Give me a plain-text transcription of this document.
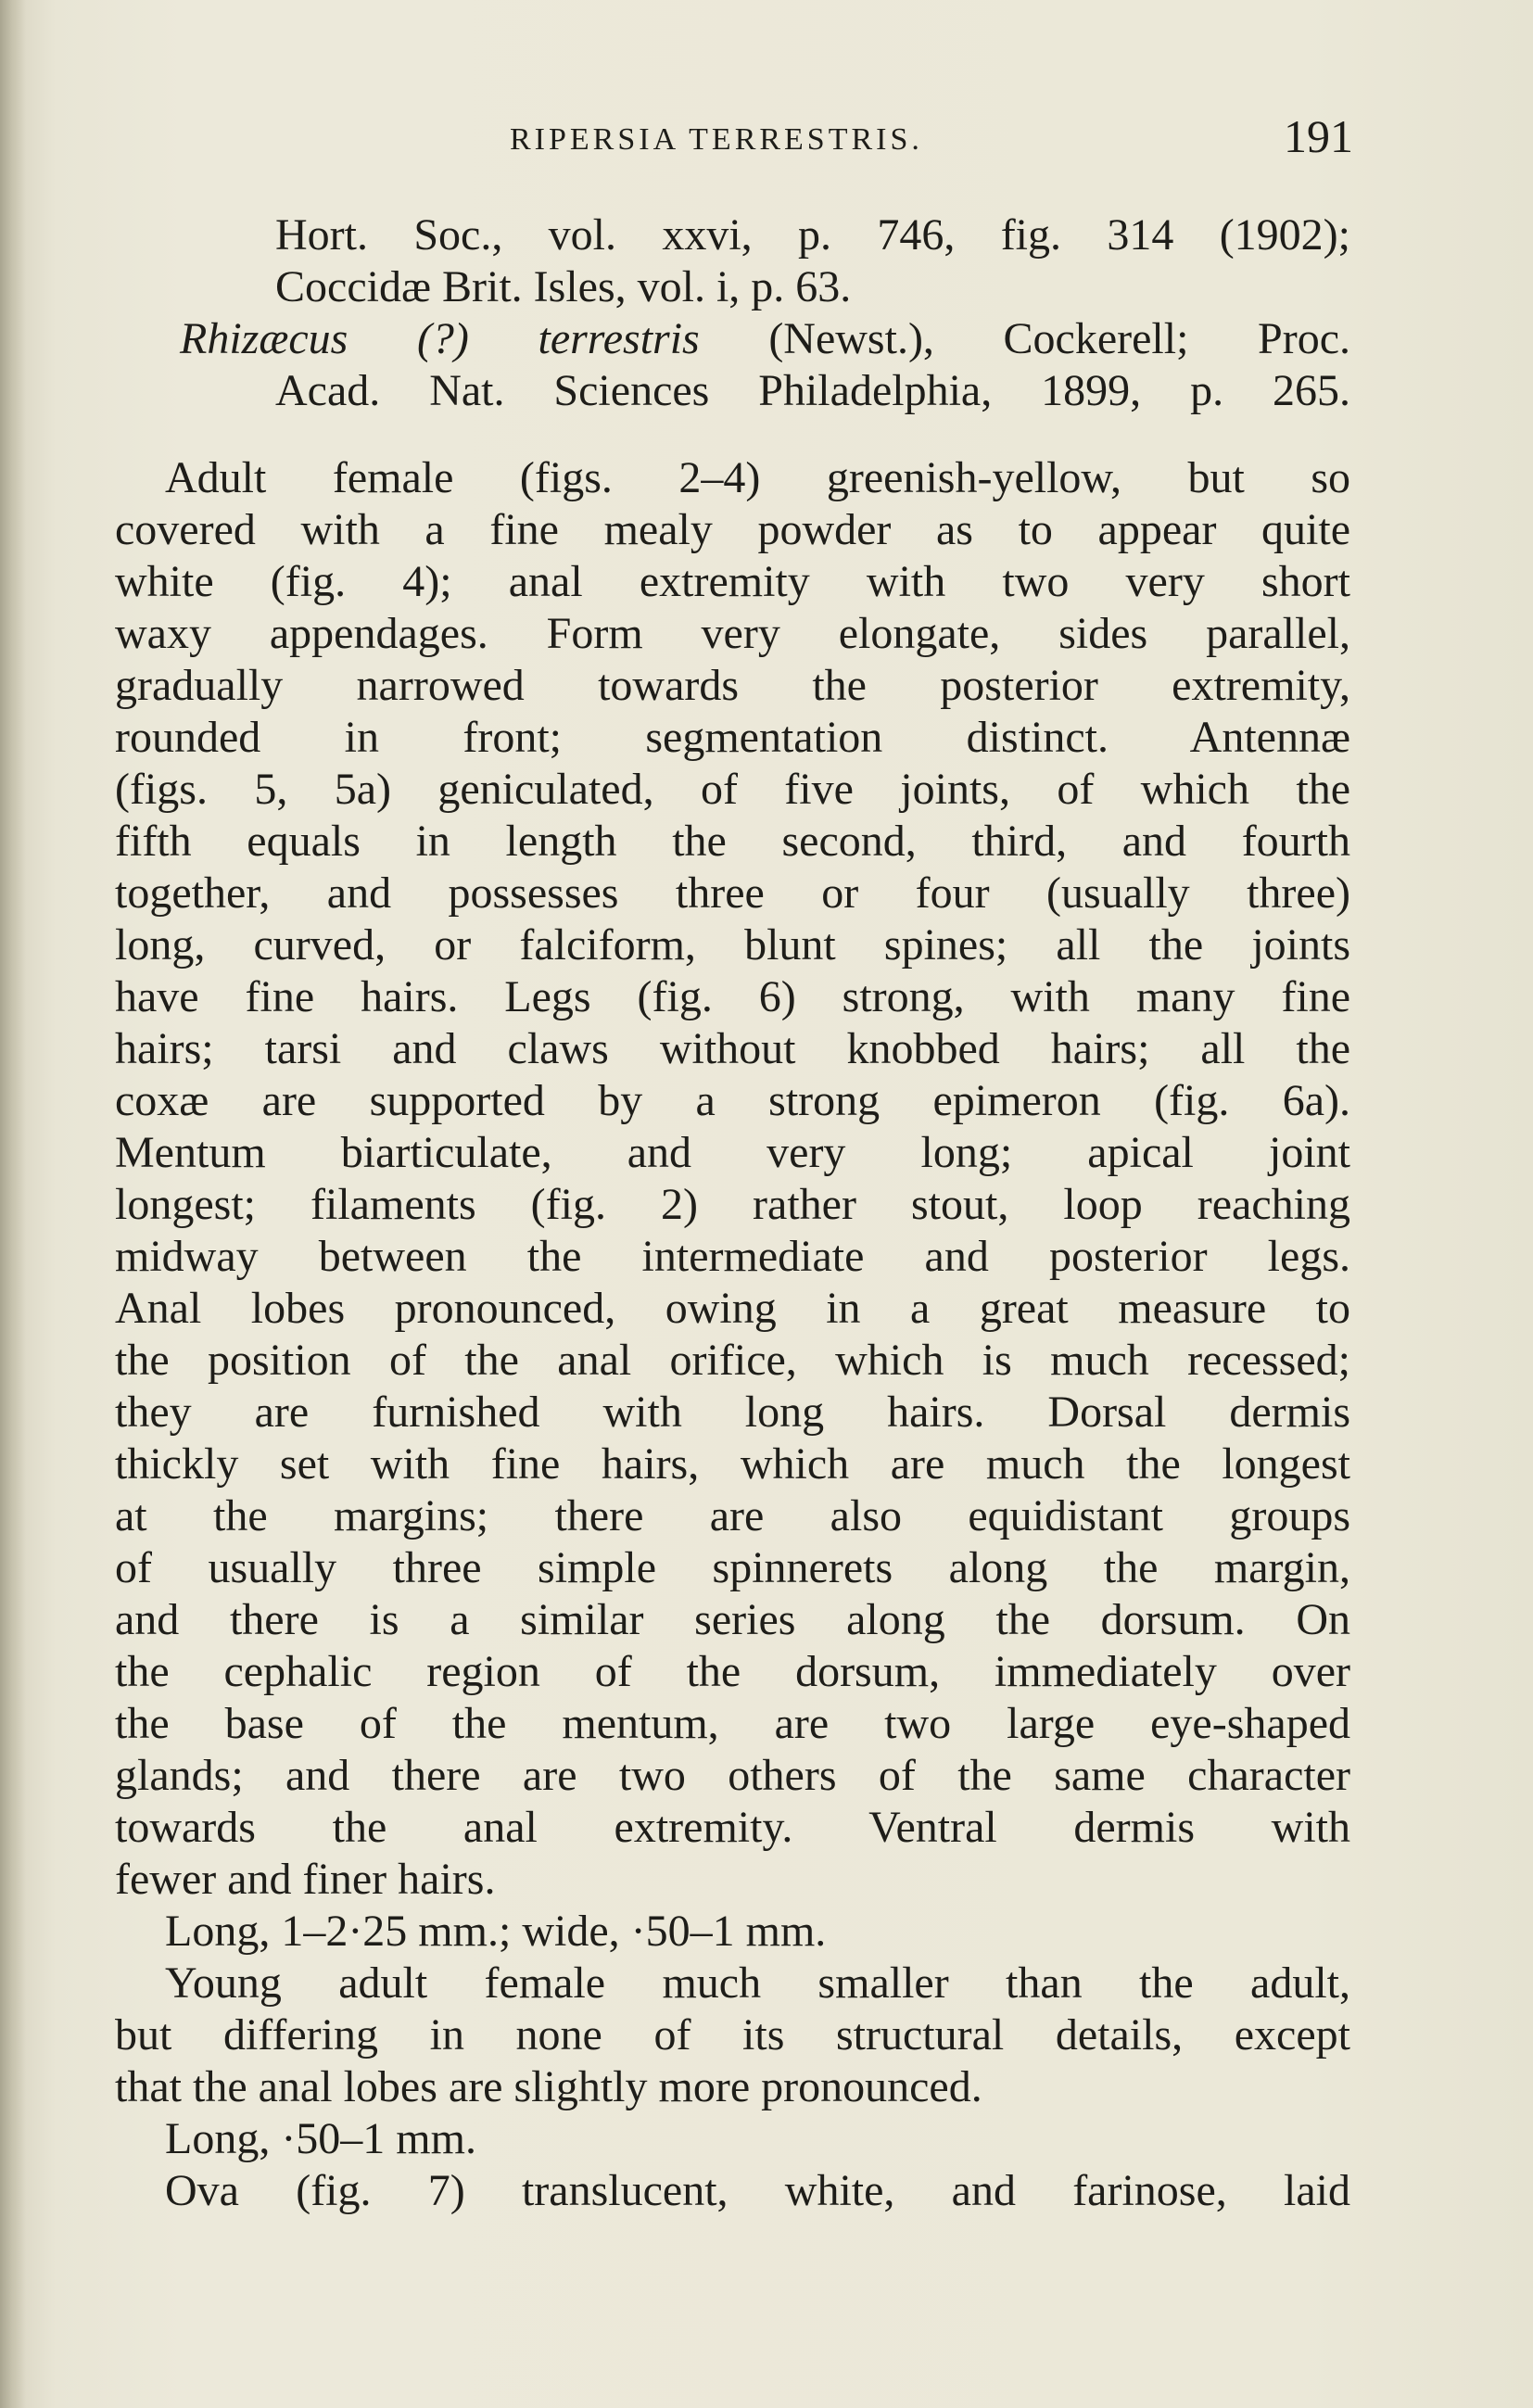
RIPERSIA TERRESTRIS.	191
Hort. Soc., vol. xxvi, p. 746, fig. 314 (1902);
Coccidæ Brit. Isles, vol. i, p. 63.
Rhizæcus (?) terrestris (Newst.), Cockerell; Proc.
Acad. Nat. Sciences Philadelphia, 1899, p. 265.
Adult female (figs. 2–4) greenish-yellow, but so
covered with a fine mealy powder as to appear quite
white (fig. 4); anal extremity with two very short
waxy appendages. Form very elongate, sides parallel,
gradually narrowed towards the posterior extremity,
rounded in front; segmentation distinct. Antennæ
(figs. 5, 5a) geniculated, of five joints, of which the
fifth equals in length the second, third, and fourth
together, and possesses three or four (usually three)
long, curved, or falciform, blunt spines; all the joints
have fine hairs. Legs (fig. 6) strong, with many fine
hairs; tarsi and claws without knobbed hairs; all the
coxæ are supported by a strong epimeron (fig. 6a).
Mentum biarticulate, and very long; apical joint
longest; filaments (fig. 2) rather stout, loop reaching
midway between the intermediate and posterior legs.
Anal lobes pronounced, owing in a great measure to
the position of the anal orifice, which is much recessed;
they are furnished with long hairs. Dorsal dermis
thickly set with fine hairs, which are much the longest
at the margins; there are also equidistant groups
of usually three simple spinnerets along the margin,
and there is a similar series along the dorsum. On
the cephalic region of the dorsum, immediately over
the base of the mentum, are two large eye-shaped
glands; and there are two others of the same character
towards the anal extremity. Ventral dermis with
fewer and finer hairs.
Long, 1–2·25 mm.; wide, ·50–1 mm.
Young adult female much smaller than the adult,
but differing in none of its structural details, except
that the anal lobes are slightly more pronounced.
Long, ·50–1 mm.
Ova (fig. 7) translucent, white, and farinose, laid
